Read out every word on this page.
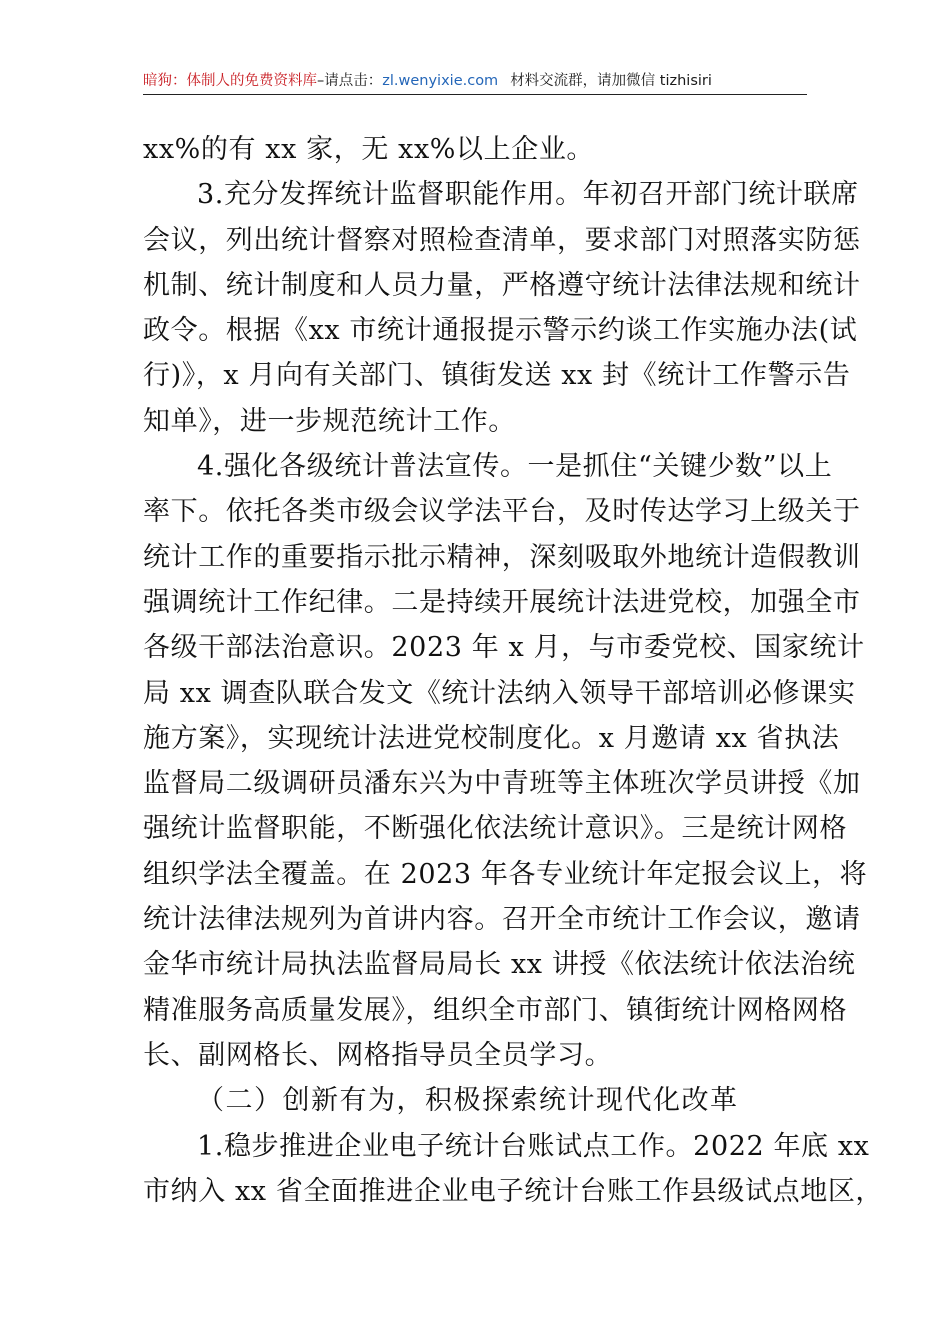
暗狗：体制人的免费资料库–请点击：zl.wenyixie.com 材料交流群，请加微信 tizhisiri
xx%的有 xx 家，无 xx%以上企业。
3.充分发挥统计监督职能作用。年初召开部门统计联席
会议，列出统计督察对照检查清单，要求部门对照落实防惩
机制、统计制度和人员力量，严格遵守统计法律法规和统计
政令。根据《xx 市统计通报提示警示约谈工作实施办法(试
行)》，x 月向有关部门、镇街发送 xx 封《统计工作警示告
知单》，进一步规范统计工作。
4.强化各级统计普法宣传。一是抓住“关键少数”以上
率下。依托各类市级会议学法平台，及时传达学习上级关于
统计工作的重要指示批示精神，深刻吸取外地统计造假教训
强调统计工作纪律。二是持续开展统计法进党校，加强全市
各级干部法治意识。2023 年 x 月，与市委党校、国家统计
局 xx 调查队联合发文《统计法纳入领导干部培训必修课实
施方案》，实现统计法进党校制度化。x 月邀请 xx 省执法
监督局二级调研员潘东兴为中青班等主体班次学员讲授《加
强统计监督职能，不断强化依法统计意识》。三是统计网格
组织学法全覆盖。在 2023 年各专业统计年定报会议上，将
统计法律法规列为首讲内容。召开全市统计工作会议，邀请
金华市统计局执法监督局局长 xx 讲授《依法统计依法治统
精准服务高质量发展》，组织全市部门、镇街统计网格网格
长、副网格长、网格指导员全员学习。
（二）创新有为，积极探索统计现代化改革
1.稳步推进企业电子统计台账试点工作。2022 年底 xx
市纳入 xx 省全面推进企业电子统计台账工作县级试点地区，
